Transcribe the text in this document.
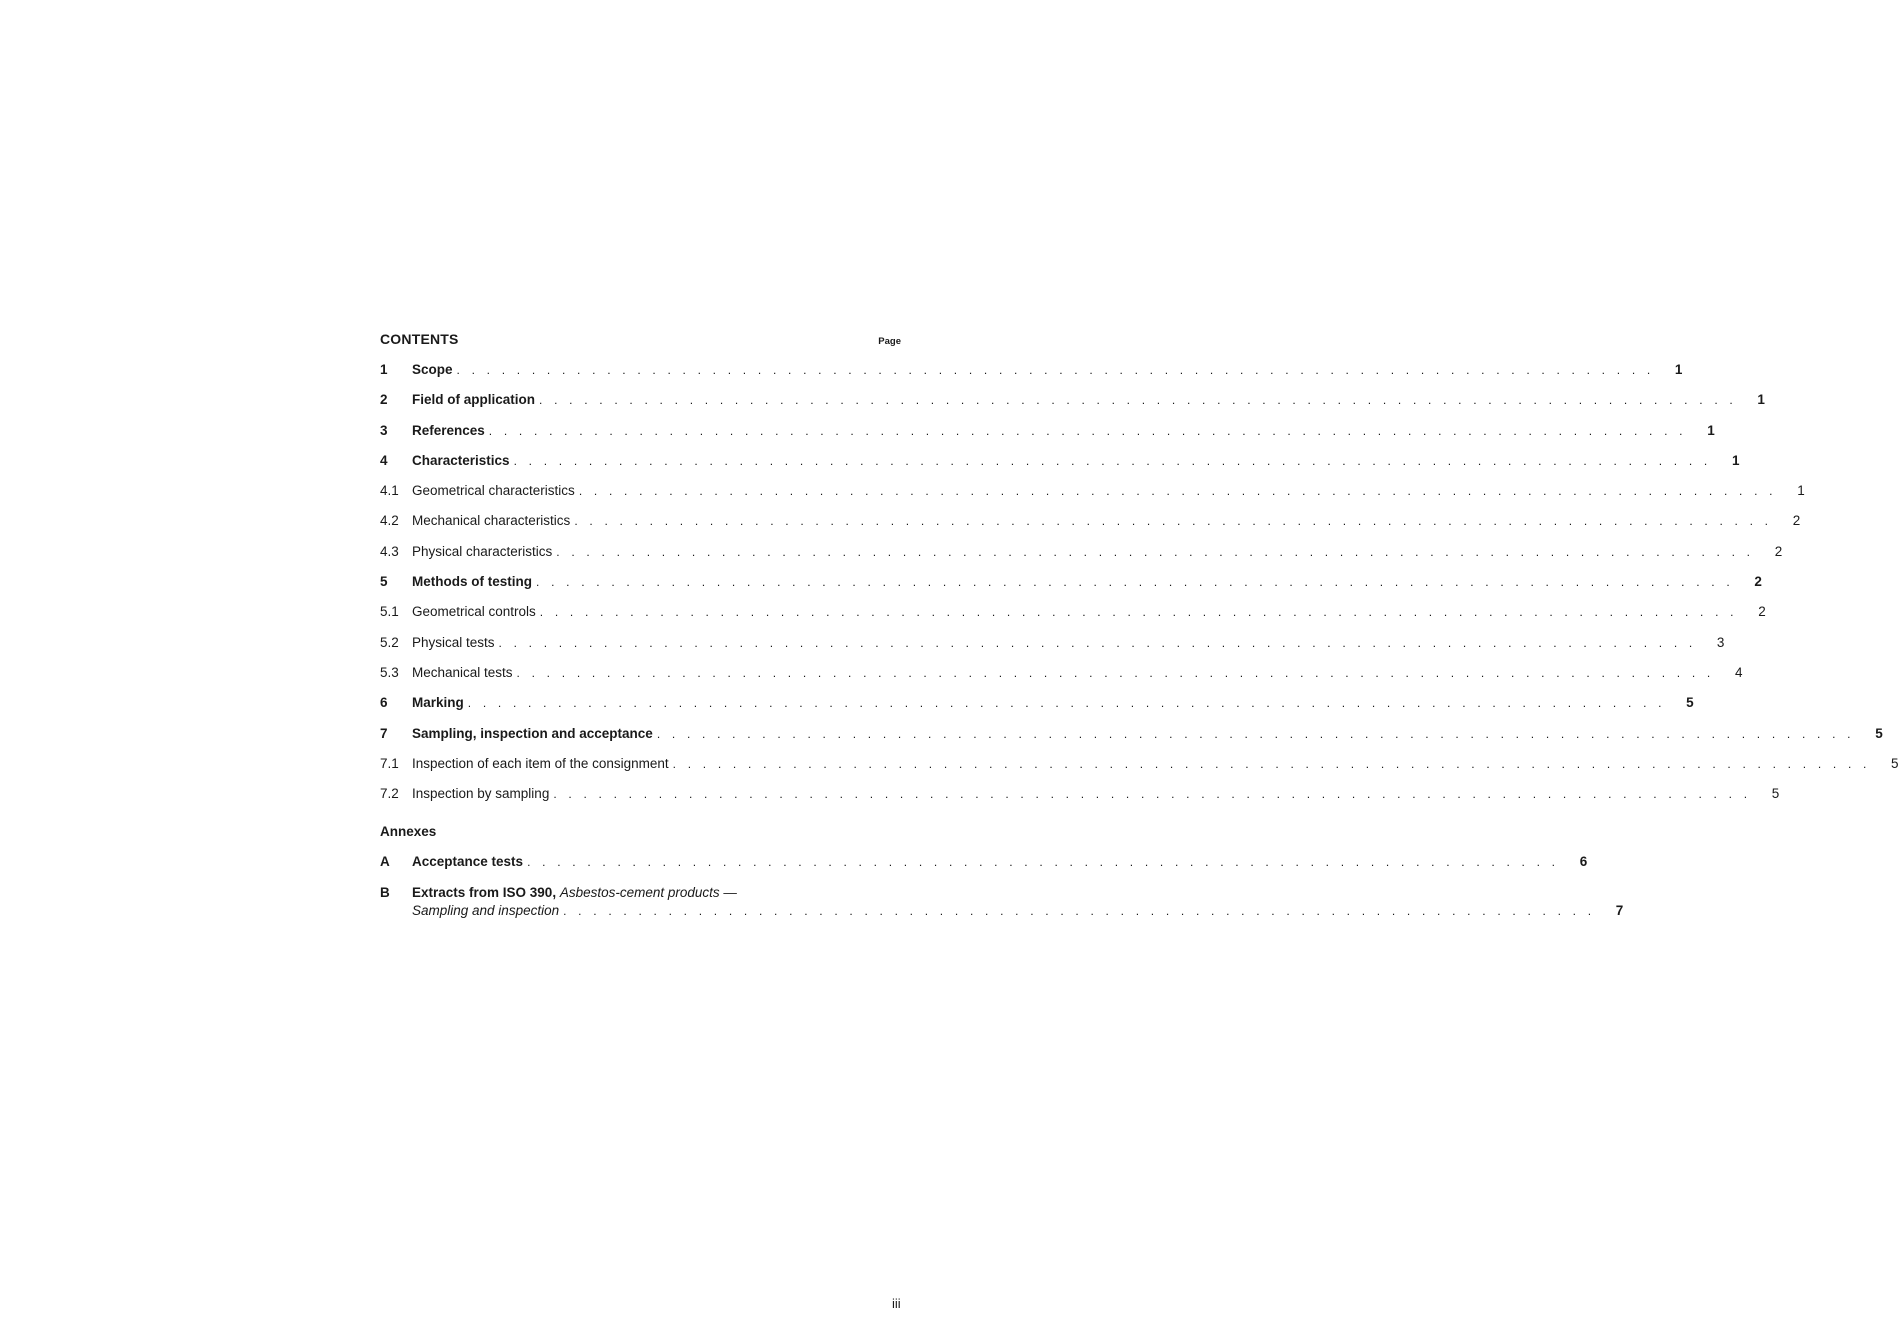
CONTENTS	Page
1	Scope . . . . . . . . . . . . . . . . . . . . . . . . . . . . . . . . . . . . . . . . . . . . . . . . . . . . . . . . . . . . . . . . . . . . . . . . . . . . . . . .	1
2	Field of application . . . . . . . . . . . . . . . . . . . . . . . . . . . . . . . . . . . . . . . . . . . . . . . . . . . . . . . . . . . . . . . . . . . . . . . . . . . . . . . .	1
3	References . . . . . . . . . . . . . . . . . . . . . . . . . . . . . . . . . . . . . . . . . . . . . . . . . . . . . . . . . . . . . . . . . . . . . . . . . . . . . . . .	1
4	Characteristics . . . . . . . . . . . . . . . . . . . . . . . . . . . . . . . . . . . . . . . . . . . . . . . . . . . . . . . . . . . . . . . . . . . . . . . . . . . . . . . .	1
4.1 Geometrical characteristics . . . . . . . . . . . . . . . . . . . . . . . . . . . . . . . . . . . . . . . . . . . . . . . . . . . . . . . . . . . . . . . . . . . . . . . . . . . . . . . .	1
4.2 Mechanical characteristics . . . . . . . . . . . . . . . . . . . . . . . . . . . . . . . . . . . . . . . . . . . . . . . . . . . . . . . . . . . . . . . . . . . . . . . . . . . . . . . .	2
4.3 Physical characteristics . . . . . . . . . . . . . . . . . . . . . . . . . . . . . . . . . . . . . . . . . . . . . . . . . . . . . . . . . . . . . . . . . . . . . . . . . . . . . . . .	2
5	Methods of testing . . . . . . . . . . . . . . . . . . . . . . . . . . . . . . . . . . . . . . . . . . . . . . . . . . . . . . . . . . . . . . . . . . . . . . . . . . . . . . . .	2
5.1 Geometrical controls . . . . . . . . . . . . . . . . . . . . . . . . . . . . . . . . . . . . . . . . . . . . . . . . . . . . . . . . . . . . . . . . . . . . . . . . . . . . . . . .	2
5.2 Physical tests . . . . . . . . . . . . . . . . . . . . . . . . . . . . . . . . . . . . . . . . . . . . . . . . . . . . . . . . . . . . . . . . . . . . . . . . . . . . . . . .	3
5.3 Mechanical tests . . . . . . . . . . . . . . . . . . . . . . . . . . . . . . . . . . . . . . . . . . . . . . . . . . . . . . . . . . . . . . . . . . . . . . . . . . . . . . . .	4
6	Marking . . . . . . . . . . . . . . . . . . . . . . . . . . . . . . . . . . . . . . . . . . . . . . . . . . . . . . . . . . . . . . . . . . . . . . . . . . . . . . . .	5
7	Sampling, inspection and acceptance . . . . . . . . . . . . . . . . . . . . . . . . . . . . . . . . . . . . . . . . . . . . . . . . . . . . . . . . . . . . . . . . . . . . . . . . . . . . . . . .	5
7.1 Inspection of each item of the consignment . . . . . . . . . . . . . . . . . . . . . . . . . . . . . . . . . . . . . . . . . . . . . . . . . . . . . . . . . . . . . . . . . . . . . . . . . . . . . . . .	5
7.2 Inspection by sampling . . . . . . . . . . . . . . . . . . . . . . . . . . . . . . . . . . . . . . . . . . . . . . . . . . . . . . . . . . . . . . . . . . . . . . . . . . . . . . . .	5
Annexes
A	Acceptance tests . . . . . . . . . . . . . . . . . . . . . . . . . . . . . . . . . . . . . . . . . . . . . . . . . . . . . . . . . . . . . . . . . . . . .	6
B	Extracts from ISO 390, Asbestos-cement products —
Sampling and inspection . . . . . . . . . . . . . . . . . . . . . . . . . . . . . . . . . . . . . . . . . . . . . . . . . . . . . . . . . . . . . . . . . . . . .	7
iii
